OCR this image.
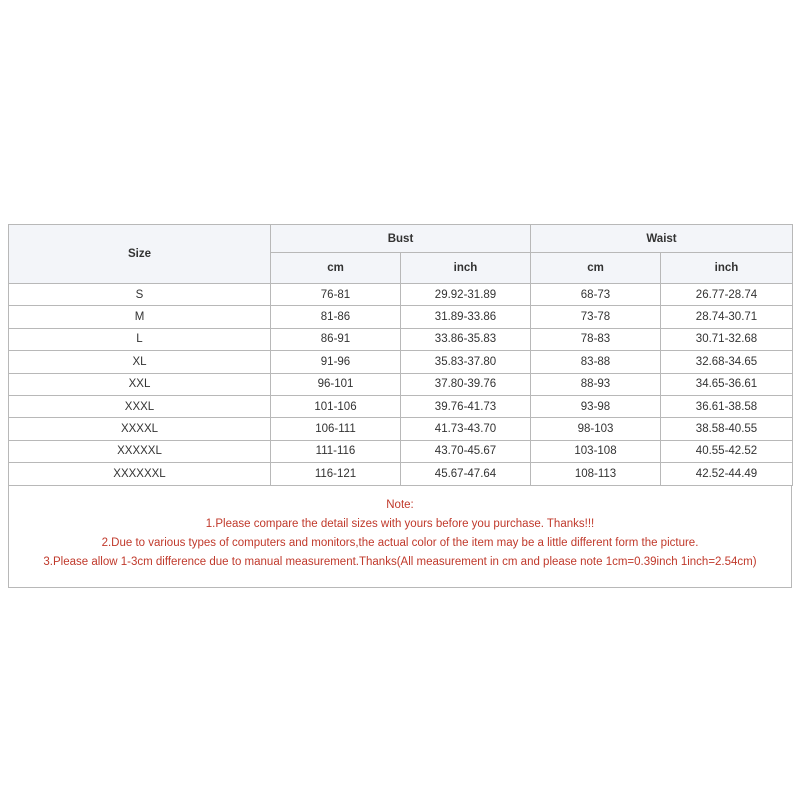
Size	Bust		Waist	
	cm	inch	cm	inch
S	76-81	29.92-31.89	68-73	26.77-28.74
M	81-86	31.89-33.86	73-78	28.74-30.71
L	86-91	33.86-35.83	78-83	30.71-32.68
XL	91-96	35.83-37.80	83-88	32.68-34.65
XXL	96-101	37.80-39.76	88-93	34.65-36.61
XXXL	101-106	39.76-41.73	93-98	36.61-38.58
XXXXL	106-111	41.73-43.70	98-103	38.58-40.55
XXXXXL	111-116	43.70-45.67	103-108	40.55-42.52
XXXXXXL	116-121	45.67-47.64	108-113	42.52-44.49
Note:
1.Please compare the detail sizes with yours before you purchase. Thanks!!!
2.Due to various types of computers and monitors,the actual color of the item may be a little different form the picture.
3.Please allow 1-3cm difference due to manual measurement.Thanks(All measurement in cm and please note 1cm=0.39inch 1inch=2.54cm)
